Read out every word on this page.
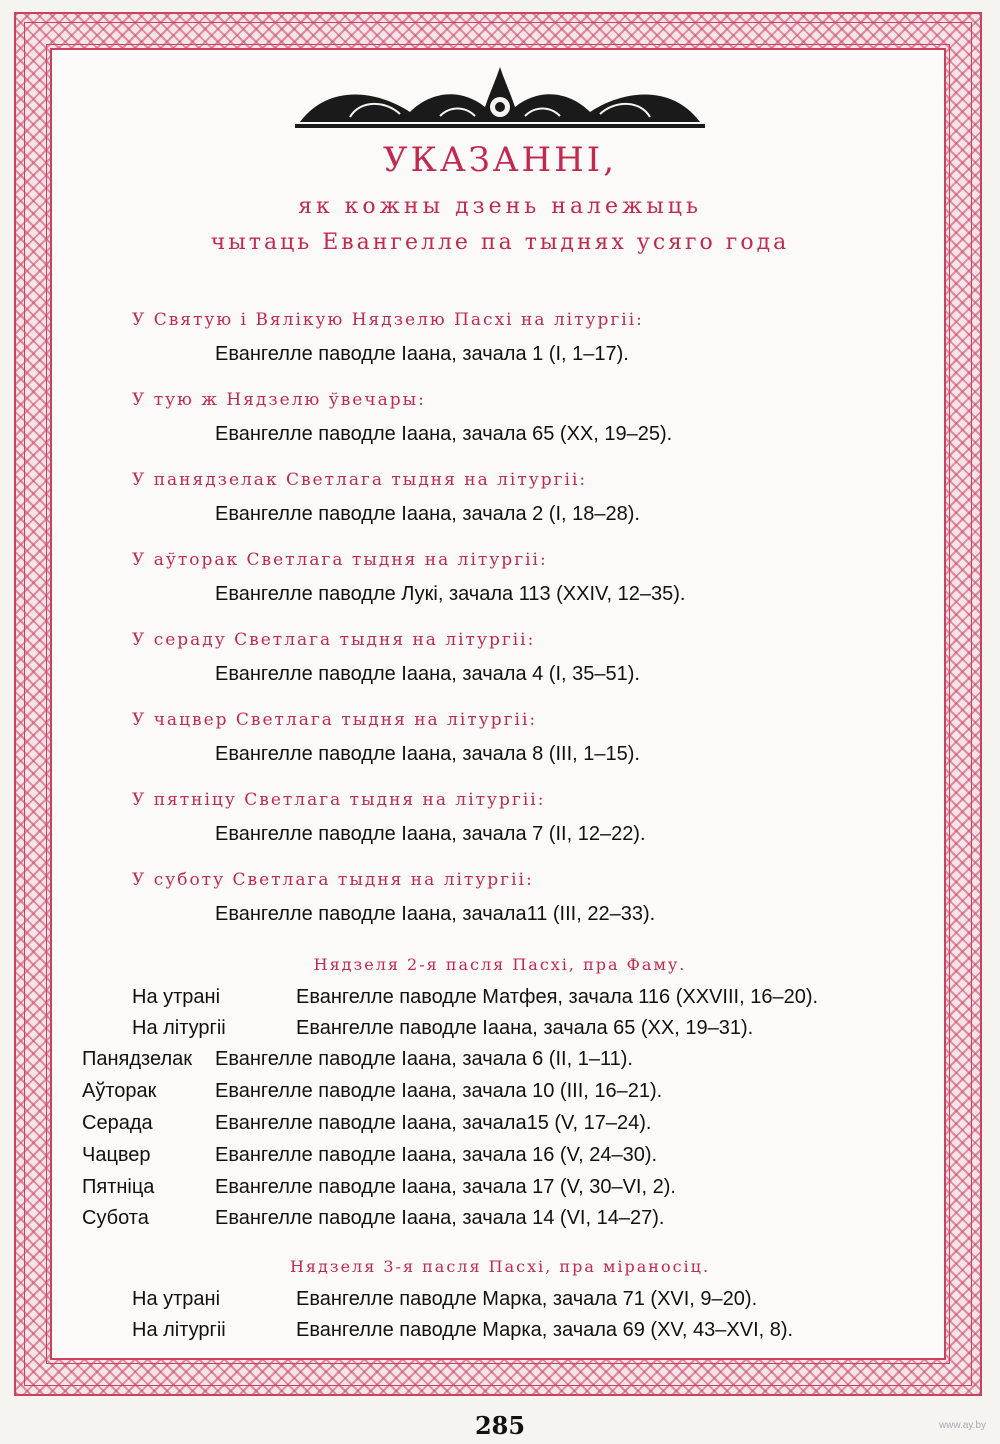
УКАЗАННІ,
як кожны дзень належыць
чытаць Евангелле па тыднях усяго года
У Святую і Вялікую Нядзелю Пасхі на літургіі:
Евангелле паводле Іаана, зачала 1 (І, 1–17).
У тую ж Нядзелю ўвечары:
Евангелле паводле Іаана, зачала 65 (ХХ, 19–25).
У панядзелак Светлага тыдня на літургіі:
Евангелле паводле Іаана, зачала 2 (І, 18–28).
У аўторак Светлага тыдня на літургіі:
Евангелле паводле Лукі, зачала 113 (XXIV, 12–35).
У сераду Светлага тыдня на літургіі:
Евангелле паводле Іаана, зачала 4 (І, 35–51).
У чацвер Светлага тыдня на літургіі:
Евангелле паводле Іаана, зачала 8 (ІІІ, 1–15).
У пятніцу Светлага тыдня на літургіі:
Евангелле паводле Іаана, зачала 7 (ІІ, 12–22).
У суботу Светлага тыдня на літургіі:
Евангелле паводле Іаана, зачала11 (ІІІ, 22–33).
Нядзеля 2-я пасля Пасхі, пра Фаму.
На утрані	Евангелле паводле Матфея, зачала 116 (XXVIII, 16–20).
На літургіі	Евангелле паводле Іаана, зачала 65 (ХХ, 19–31).
Панядзелак Евангелле паводле Іаана, зачала 6 (ІІ, 1–11).
Аўторак	Евангелле паводле Іаана, зачала 10 (ІІІ, 16–21).
Серада	Евангелле паводле Іаана, зачала15 (V, 17–24).
Чацвер	Евангелле паводле Іаана, зачала 16 (V, 24–30).
Пятніца	Евангелле паводле Іаана, зачала 17 (V, 30–VI, 2).
Субота	Евангелле паводле Іаана, зачала 14 (VI, 14–27).
Нядзеля 3-я пасля Пасхі, пра міраносіц.
На утрані	Евангелле паводле Марка, зачала 71 (XVI, 9–20).
На літургіі	Евангелле паводле Марка, зачала 69 (XV, 43–XVI, 8).
285	www.ay.by
